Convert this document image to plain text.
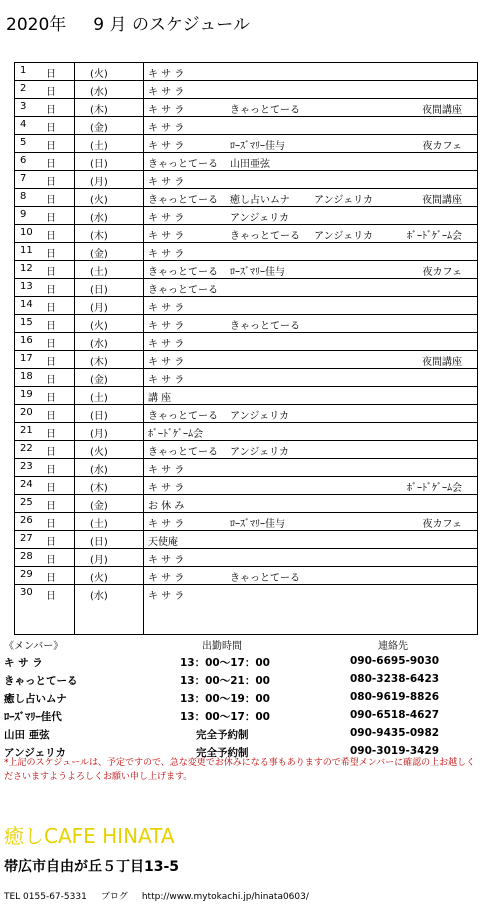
2020年 9 月 のスケジュール
1 日	(火)	キ サ ラ
2 日	(水)	キ サ ラ
3 日	(木)	キ サ ラ	きゃっとてーる	夜間講座
4 日	(金)	キ サ ラ
5 日	(土)	キ サ ラ	ﾛｰｽﾞﾏﾘｰ佳与	夜カフェ
6 日	(日)	きゃっとてーる 山田亜弦
7 日	(月)	キ サ ラ
8 日	(火)	きゃっとてーる 癒し占いムナ アンジェリカ	夜間講座
9 日	(水)	キ サ ラ	アンジェリカ
10 日	(木)	キ サ ラ	きゃっとてーる アンジェリカ	ﾎﾞｰﾄﾞｹﾞｰﾑ会
11 日	(金)	キ サ ラ
12 日	(土)	きゃっとてーる ﾛｰｽﾞﾏﾘｰ佳与	夜カフェ
13 日	(日)	きゃっとてーる
14 日	(月)	キ サ ラ
15 日	(火)	キ サ ラ	きゃっとてーる
16 日	(水)	キ サ ラ
17 日	(木)	キ サ ラ	夜間講座
18 日	(金)	キ サ ラ
19 日	(土)	講 座
20 日	(日)	きゃっとてーる アンジェリカ
21 日	(月)	ﾎﾞｰﾄﾞｹﾞｰﾑ会
22 日	(火)	きゃっとてーる アンジェリカ
23 日	(水)	キ サ ラ
24 日	(木)	キ サ ラ	ﾎﾞｰﾄﾞｹﾞｰﾑ会
25 日	(金)	お 休 み
26 日	(土)	キ サ ラ	ﾛｰｽﾞﾏﾘｰ佳与	夜カフェ
27 日	(日)	天使庵
28 日	(月)	キ サ ラ
29 日	(火)	キ サ ラ	きゃっとてーる
30 日	(水)	キ サ ラ
《メンバー》	出勤時間	連絡先
キ サ ラ	13：00～17：00	090-6695-9030
きゃっとてーる	13：00～21：00	080-3238-6423
癒し占いムナ	13：00～19：00	080-9619-8826
ﾛｰｽﾞﾏﾘｰ佳代	13：00～17：00	090-6518-4627
山田 亜弦	完全予約制	090-9435-0982
アンジェリカ	完全予約制	090-3019-3429
*上記のスケジュールは、予定ですので、急な変更でお休みになる事もありますので希望メンバーに確認の上お越しくださいますようよろしくお願い申し上げます。
癒しCAFE HINATA
帯広市自由が丘５丁目13-5
TEL 0155-67-5331 ブログ http://www.mytokachi.jp/hinata0603/
